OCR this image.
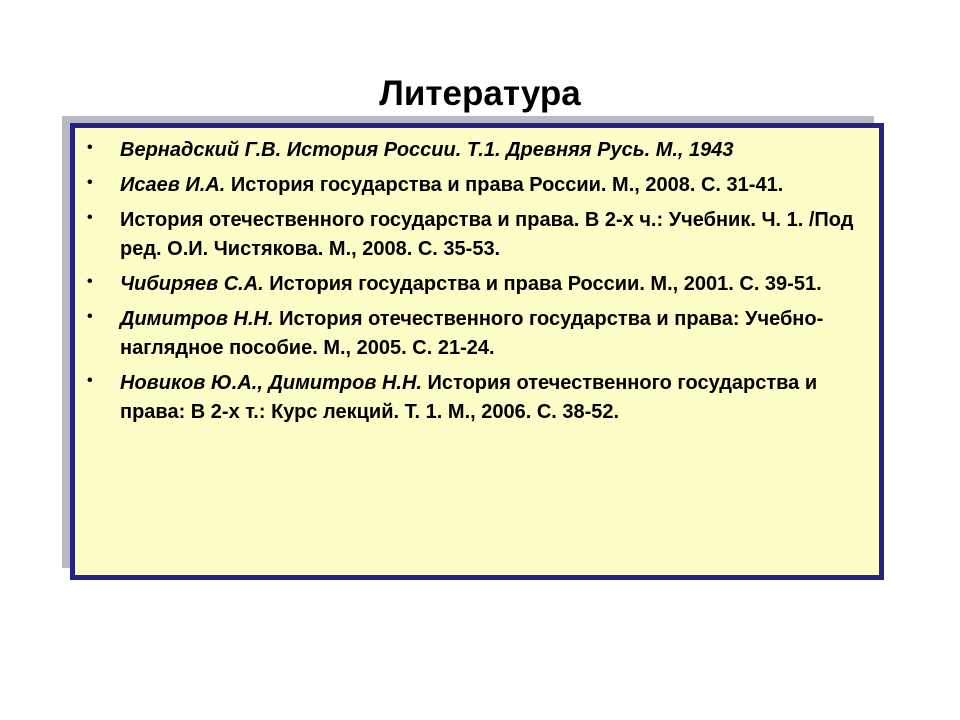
Литература
• Вернадский Г.В. История России. Т.1. Древняя Русь. М., 1943
• Исаев И.А. История государства и права России. М., 2008. С. 31-41.
• История отечественного государства и права. В 2-х ч.: Учебник. Ч. 1. /Под ред. О.И. Чистякова. М., 2008. С. 35-53.
• Чибиряев С.А. История государства и права России. М., 2001. С. 39-51.
• Димитров Н.Н. История отечественного государства и права: Учебно-наглядное пособие. М., 2005. С. 21-24.
• Новиков Ю.А., Димитров Н.Н. История отечественного государства и права: В 2-х т.: Курс лекций. Т. 1. М., 2006. С. 38-52.
